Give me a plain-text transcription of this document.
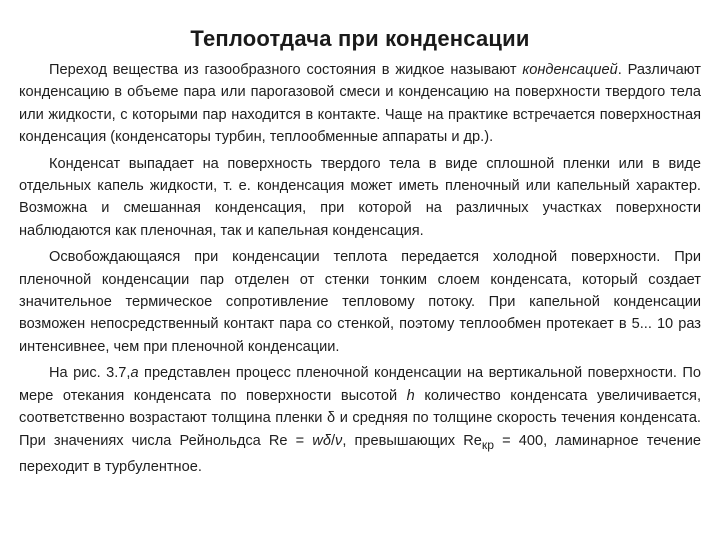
Теплоотдача при конденсации

Переход вещества из газообразного состояния в жидкое называют конденсацией. Различают конденсацию в объеме пара или парогазовой смеси и конденсацию на поверхности твердого тела или жидкости, с которыми пар находится в контакте. Чаще на практике встречается поверхностная конденсация (конденсаторы турбин, теплообменные аппараты и др.).

Конденсат выпадает на поверхность твердого тела в виде сплошной пленки или в виде отдельных капель жидкости, т. е. конденсация может иметь пленочный или капельный характер. Возможна и смешанная конденсация, при которой на различных участках поверхности наблюдаются как пленочная, так и капельная конденсация.

Освобождающаяся при конденсации теплота передается холодной поверхности. При пленочной конденсации пар отделен от стенки тонким слоем конденсата, который создает значительное термическое сопротивление тепловому потоку. При капельной конденсации возможен непосредственный контакт пара со стенкой, поэтому теплообмен протекает в 5... 10 раз интенсивнее, чем при пленочной конденсации.

На рис. 3.7,а представлен процесс пленочной конденсации на вертикальной поверхности. По мере отекания конденсата по поверхности высотой h количество конденсата увеличивается, соответственно возрастают толщина пленки δ и средняя по толщине скорость течения конденсата. При значениях числа Рейнольдса Re = wδ/ν, превышающих $Re_{кр} = 400$, ламинарное течение переходит в турбулентное.
